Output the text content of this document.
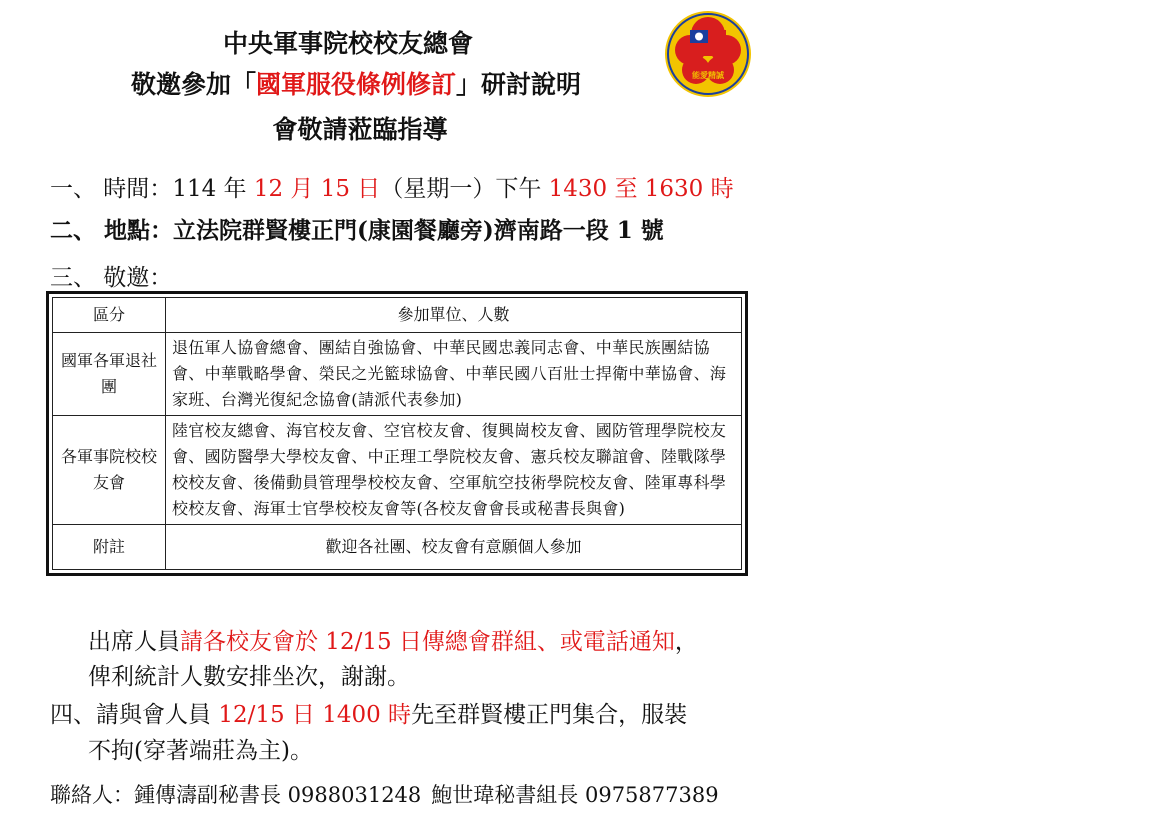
中央軍事院校校友總會
敬邀參加「國軍服役條例修訂」研討說明
會敬請蒞臨指導
能愛精誠
一、 時間：114 年 12 月 15 日（星期一）下午 1430 至 1630 時
二、 地點：立法院群賢樓正門(康園餐廳旁)濟南路一段 1 號
三、 敬邀：
區分	參加單位、人數
國軍各軍退社團	退伍軍人協會總會、團結自強協會、中華民國忠義同志會、中華民族團結協會、中華戰略學會、榮民之光籃球協會、中華民國八百壯士捍衛中華協會、海家班、台灣光復紀念協會(請派代表參加)
各軍事院校校友會	陸官校友總會、海官校友會、空官校友會、復興崗校友會、國防管理學院校友會、國防醫學大學校友會、中正理工學院校友會、憲兵校友聯誼會、陸戰隊學校校友會、後備動員管理學校校友會、空軍航空技術學院校友會、陸軍專科學校校友會、海軍士官學校校友會等(各校友會會長或秘書長與會)
附註	歡迎各社團、校友會有意願個人參加
出席人員請各校友會於 12/15 日傳總會群組、或電話通知，
俾利統計人數安排坐次，謝謝。
四、請與會人員 12/15 日 1400 時先至群賢樓正門集合，服裝
不拘(穿著端莊為主)。
聯絡人：鍾傳濤副秘書長 0988031248 鮑世瑋秘書組長 0975877389
